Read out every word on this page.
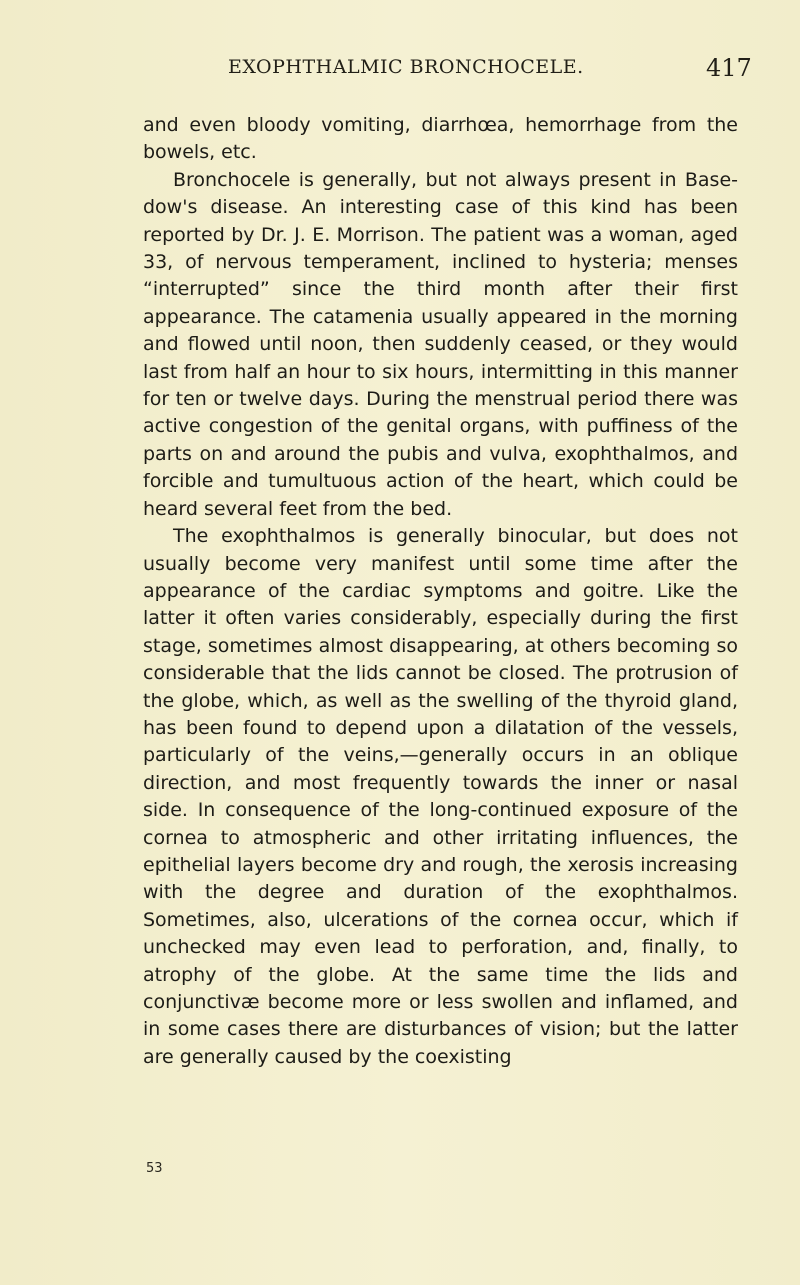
EXOPHTHALMIC BRONCHOCELE.	417

and even bloody vomiting, diarrhœa, hemorrhage from the bowels, etc.

Bronchocele is generally, but not always present in Basedow's disease. An interesting case of this kind has been reported by Dr. J. E. Morrison. The patient was a woman, aged 33, of nervous temperament, inclined to hysteria; menses “interrupted” since the third month after their first appearance. The catamenia usually appeared in the morning and flowed until noon, then suddenly ceased, or they would last from half an hour to six hours, intermitting in this manner for ten or twelve days. During the menstrual period there was active congestion of the genital organs, with puffiness of the parts on and around the pubis and vulva, exophthalmos, and forcible and tumultuous action of the heart, which could be heard several feet from the bed.

The exophthalmos is generally binocular, but does not usually become very manifest until some time after the appearance of the cardiac symptoms and goitre. Like the latter it often varies considerably, especially during the first stage, sometimes almost disappearing, at others becoming so considerable that the lids cannot be closed. The protrusion of the globe, which, as well as the swelling of the thyroid gland, has been found to depend upon a dilatation of the vessels, particularly of the veins,—generally occurs in an oblique direction, and most frequently towards the inner or nasal side. In consequence of the long-continued exposure of the cornea to atmospheric and other irritating influences, the epithelial layers become dry and rough, the xerosis increasing with the degree and duration of the exophthalmos. Sometimes, also, ulcerations of the cornea occur, which if unchecked may even lead to perforation, and, finally, to atrophy of the globe. At the same time the lids and conjunctivæ become more or less swollen and inflamed, and in some cases there are disturbances of vision; but the latter are generally caused by the coexisting

53
